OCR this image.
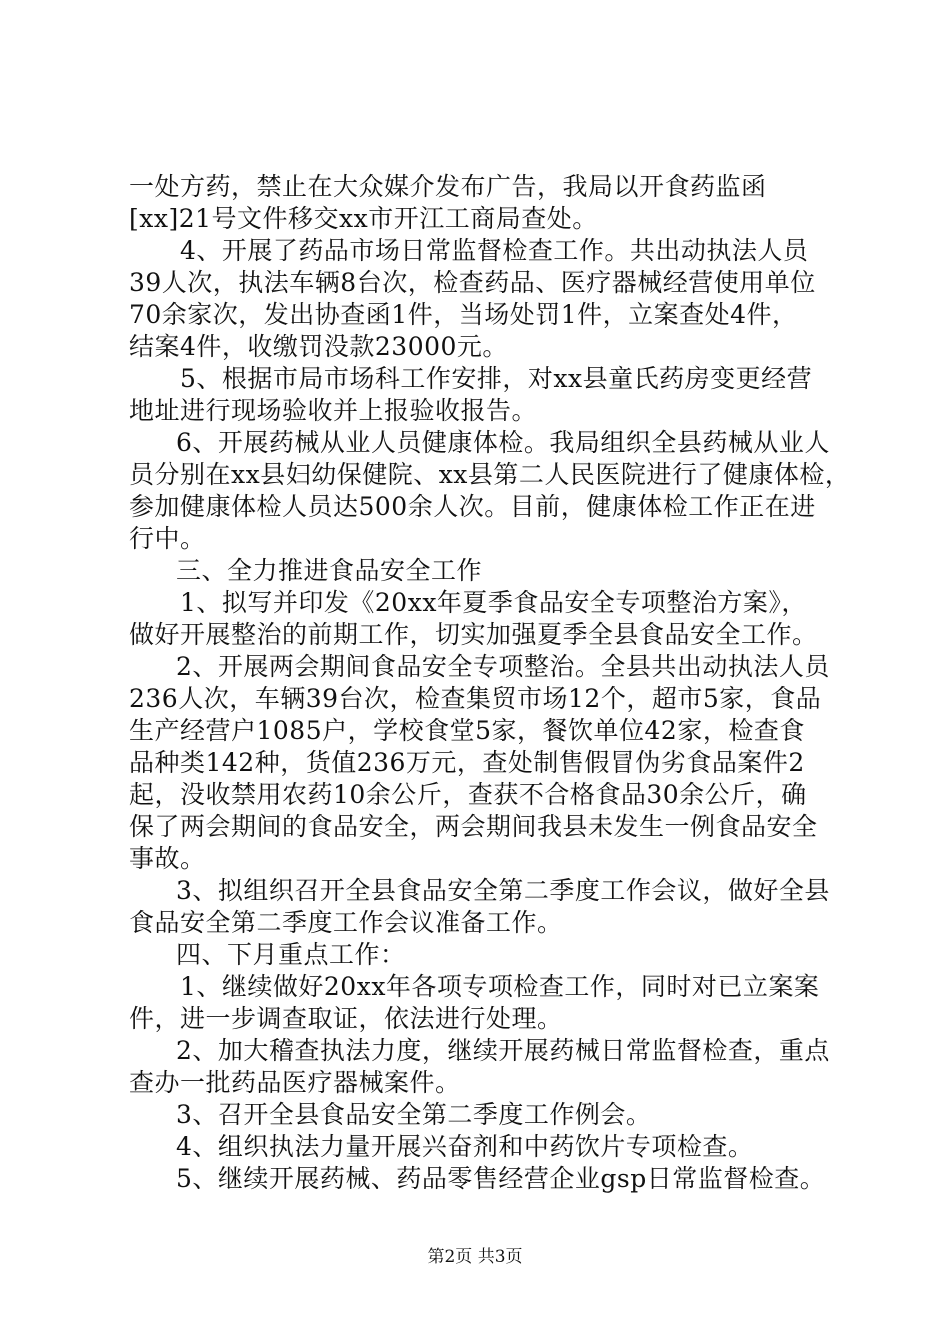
一处方药，禁止在大众媒介发布广告，我局以开食药监函
[xx]21号文件移交xx市开江工商局查处。
4、开展了药品市场日常监督检查工作。共出动执法人员
39人次，执法车辆8台次，检查药品、医疗器械经营使用单位
70余家次，发出协查函1件，当场处罚1件，立案查处4件，
结案4件，收缴罚没款23000元。
5、根据市局市场科工作安排，对xx县童氏药房变更经营
地址进行现场验收并上报验收报告。
6、开展药械从业人员健康体检。我局组织全县药械从业人
员分别在xx县妇幼保健院、xx县第二人民医院进行了健康体检，
参加健康体检人员达500余人次。目前，健康体检工作正在进
行中。
三、全力推进食品安全工作
1、拟写并印发《20xx年夏季食品安全专项整治方案》，
做好开展整治的前期工作，切实加强夏季全县食品安全工作。
2、开展两会期间食品安全专项整治。全县共出动执法人员
236人次，车辆39台次，检查集贸市场12个，超市5家，食品
生产经营户1085户，学校食堂5家，餐饮单位42家，检查食
品种类142种，货值236万元，查处制售假冒伪劣食品案件2
起，没收禁用农药10余公斤，查获不合格食品30余公斤，确
保了两会期间的食品安全，两会期间我县未发生一例食品安全
事故。
3、拟组织召开全县食品安全第二季度工作会议，做好全县
食品安全第二季度工作会议准备工作。
四、下月重点工作：
1、继续做好20xx年各项专项检查工作，同时对已立案案
件，进一步调查取证，依法进行处理。
2、加大稽查执法力度，继续开展药械日常监督检查，重点
查办一批药品医疗器械案件。
3、召开全县食品安全第二季度工作例会。
4、组织执法力量开展兴奋剂和中药饮片专项检查。
5、继续开展药械、药品零售经营企业gsp日常监督检查。
第2页 共3页
